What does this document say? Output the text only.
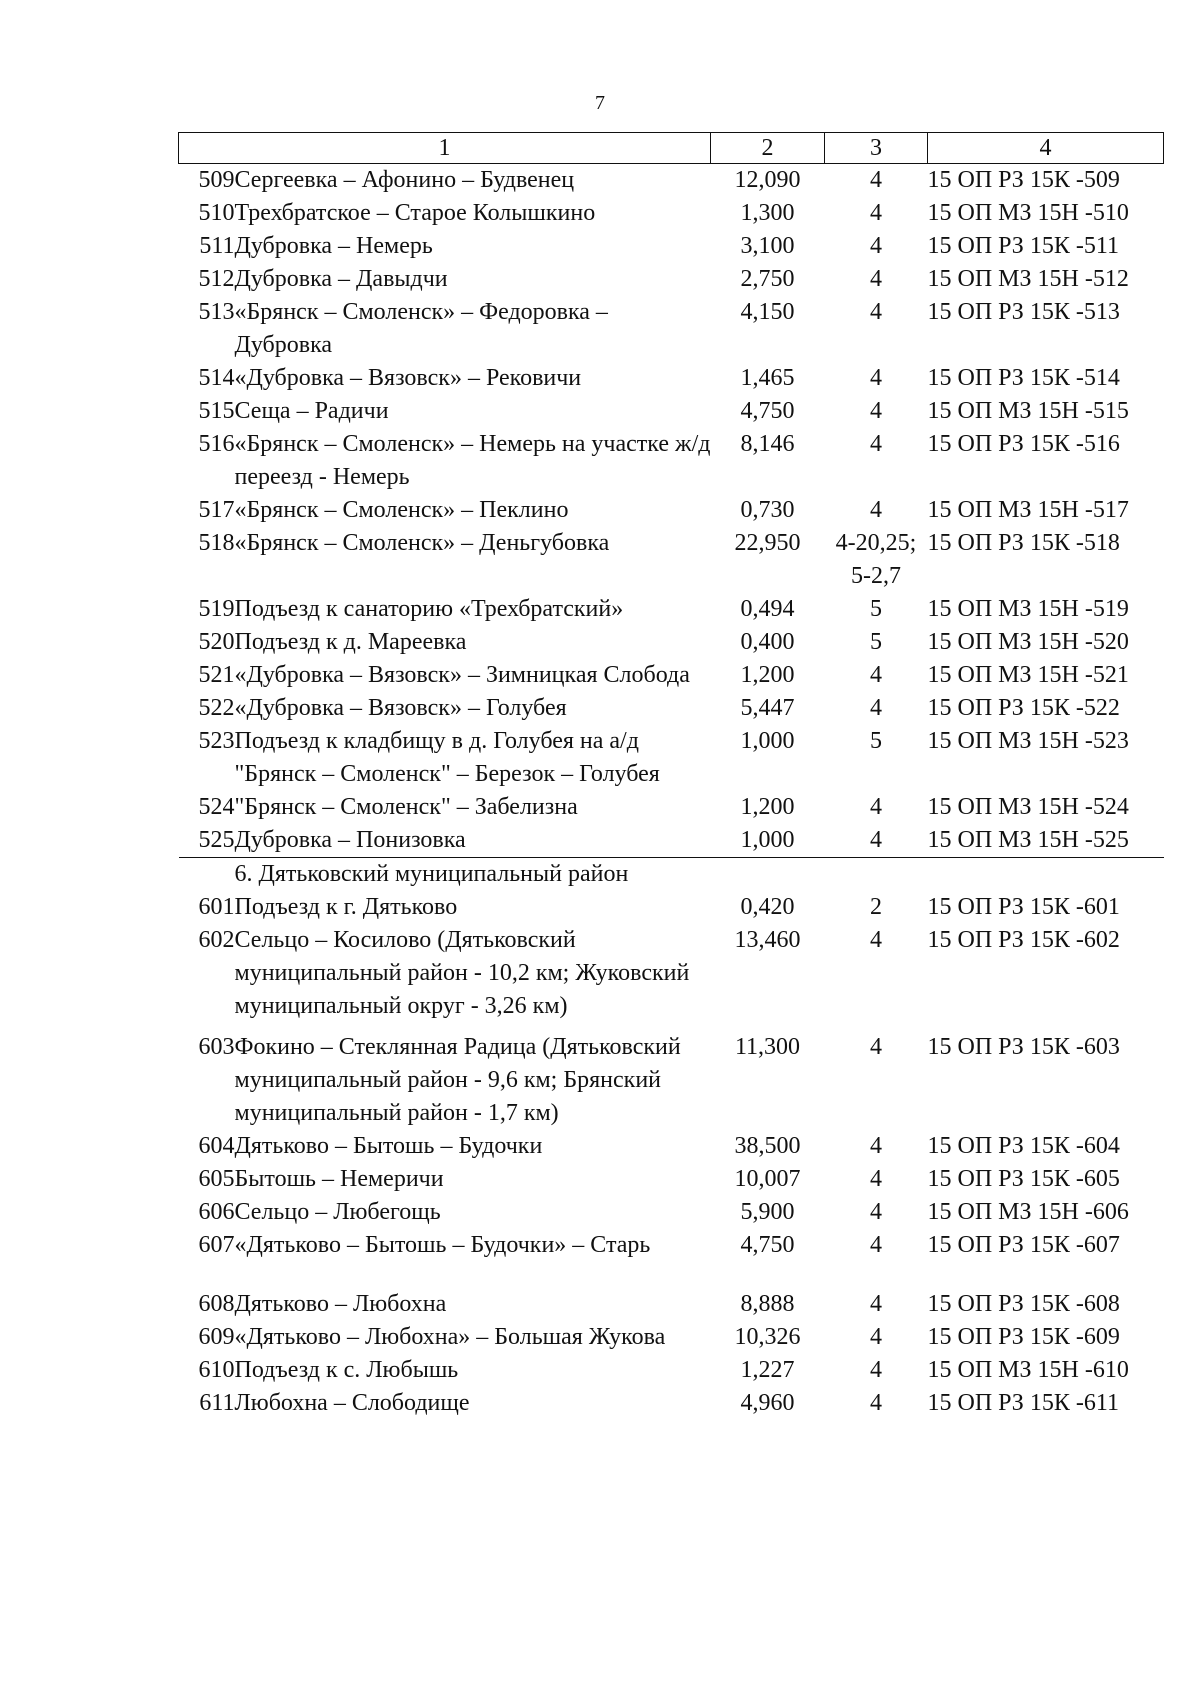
7
1		2	3	4
509	Сергеевка – Афонино – Будвенец	12,090	4	15 ОП РЗ 15К -509
510	Трехбратское – Старое Колышкино	1,300	4	15 ОП МЗ 15Н -510
511	Дубровка – Немерь	3,100	4	15 ОП РЗ 15К -511
512	Дубровка – Давыдчи	2,750	4	15 ОП МЗ 15Н -512
513	«Брянск – Смоленск» – Федоровка – Дубровка	4,150	4	15 ОП РЗ 15К -513
514	«Дубровка – Вязовск» – Рековичи	1,465	4	15 ОП РЗ 15К -514
515	Сеща – Радичи	4,750	4	15 ОП МЗ 15Н -515
516	«Брянск – Смоленск» – Немерь на участке ж/д переезд - Немерь	8,146	4	15 ОП РЗ 15К -516
517	«Брянск – Смоленск» – Пеклино	0,730	4	15 ОП МЗ 15Н -517
518	«Брянск – Смоленск» – Деньгубовка	22,950	4-20,25; 5-2,7	15 ОП РЗ 15К -518
519	Подъезд к санаторию «Трехбратский»	0,494	5	15 ОП МЗ 15Н -519
520	Подъезд к д. Мареевка	0,400	5	15 ОП МЗ 15Н -520
521	«Дубровка – Вязовск» – Зимницкая Слобода	1,200	4	15 ОП МЗ 15Н -521
522	«Дубровка – Вязовск» – Голубея	5,447	4	15 ОП РЗ 15К -522
523	Подъезд к кладбищу в д. Голубея на а/д "Брянск – Смоленск" – Березок – Голубея	1,000	5	15 ОП МЗ 15Н -523
524	"Брянск – Смоленск" – Забелизна	1,200	4	15 ОП МЗ 15Н -524
525	Дубровка – Понизовка	1,000	4	15 ОП МЗ 15Н -525
	6. Дятьковский муниципальный район			
601	Подъезд к г. Дятьково	0,420	2	15 ОП РЗ 15К -601
602	Сельцо – Косилово (Дятьковский муниципальный район - 10,2 км; Жуковский муниципальный округ - 3,26 км)	13,460	4	15 ОП РЗ 15К -602
603	Фокино – Стеклянная Радица (Дятьковский муниципальный район - 9,6 км; Брянский муниципальный район - 1,7 км)	11,300	4	15 ОП РЗ 15К -603
604	Дятьково – Бытошь – Будочки	38,500	4	15 ОП РЗ 15К -604
605	Бытошь – Немеричи	10,007	4	15 ОП РЗ 15К -605
606	Сельцо – Любегощь	5,900	4	15 ОП МЗ 15Н -606
607	«Дятьково – Бытошь – Будочки» – Старь	4,750	4	15 ОП РЗ 15К -607
608	Дятьково – Любохна	8,888	4	15 ОП РЗ 15К -608
609	«Дятьково – Любохна» – Большая Жукова	10,326	4	15 ОП РЗ 15К -609
610	Подъезд к с. Любышь	1,227	4	15 ОП МЗ 15Н -610
611	Любохна – Слободище	4,960	4	15 ОП РЗ 15К -611
